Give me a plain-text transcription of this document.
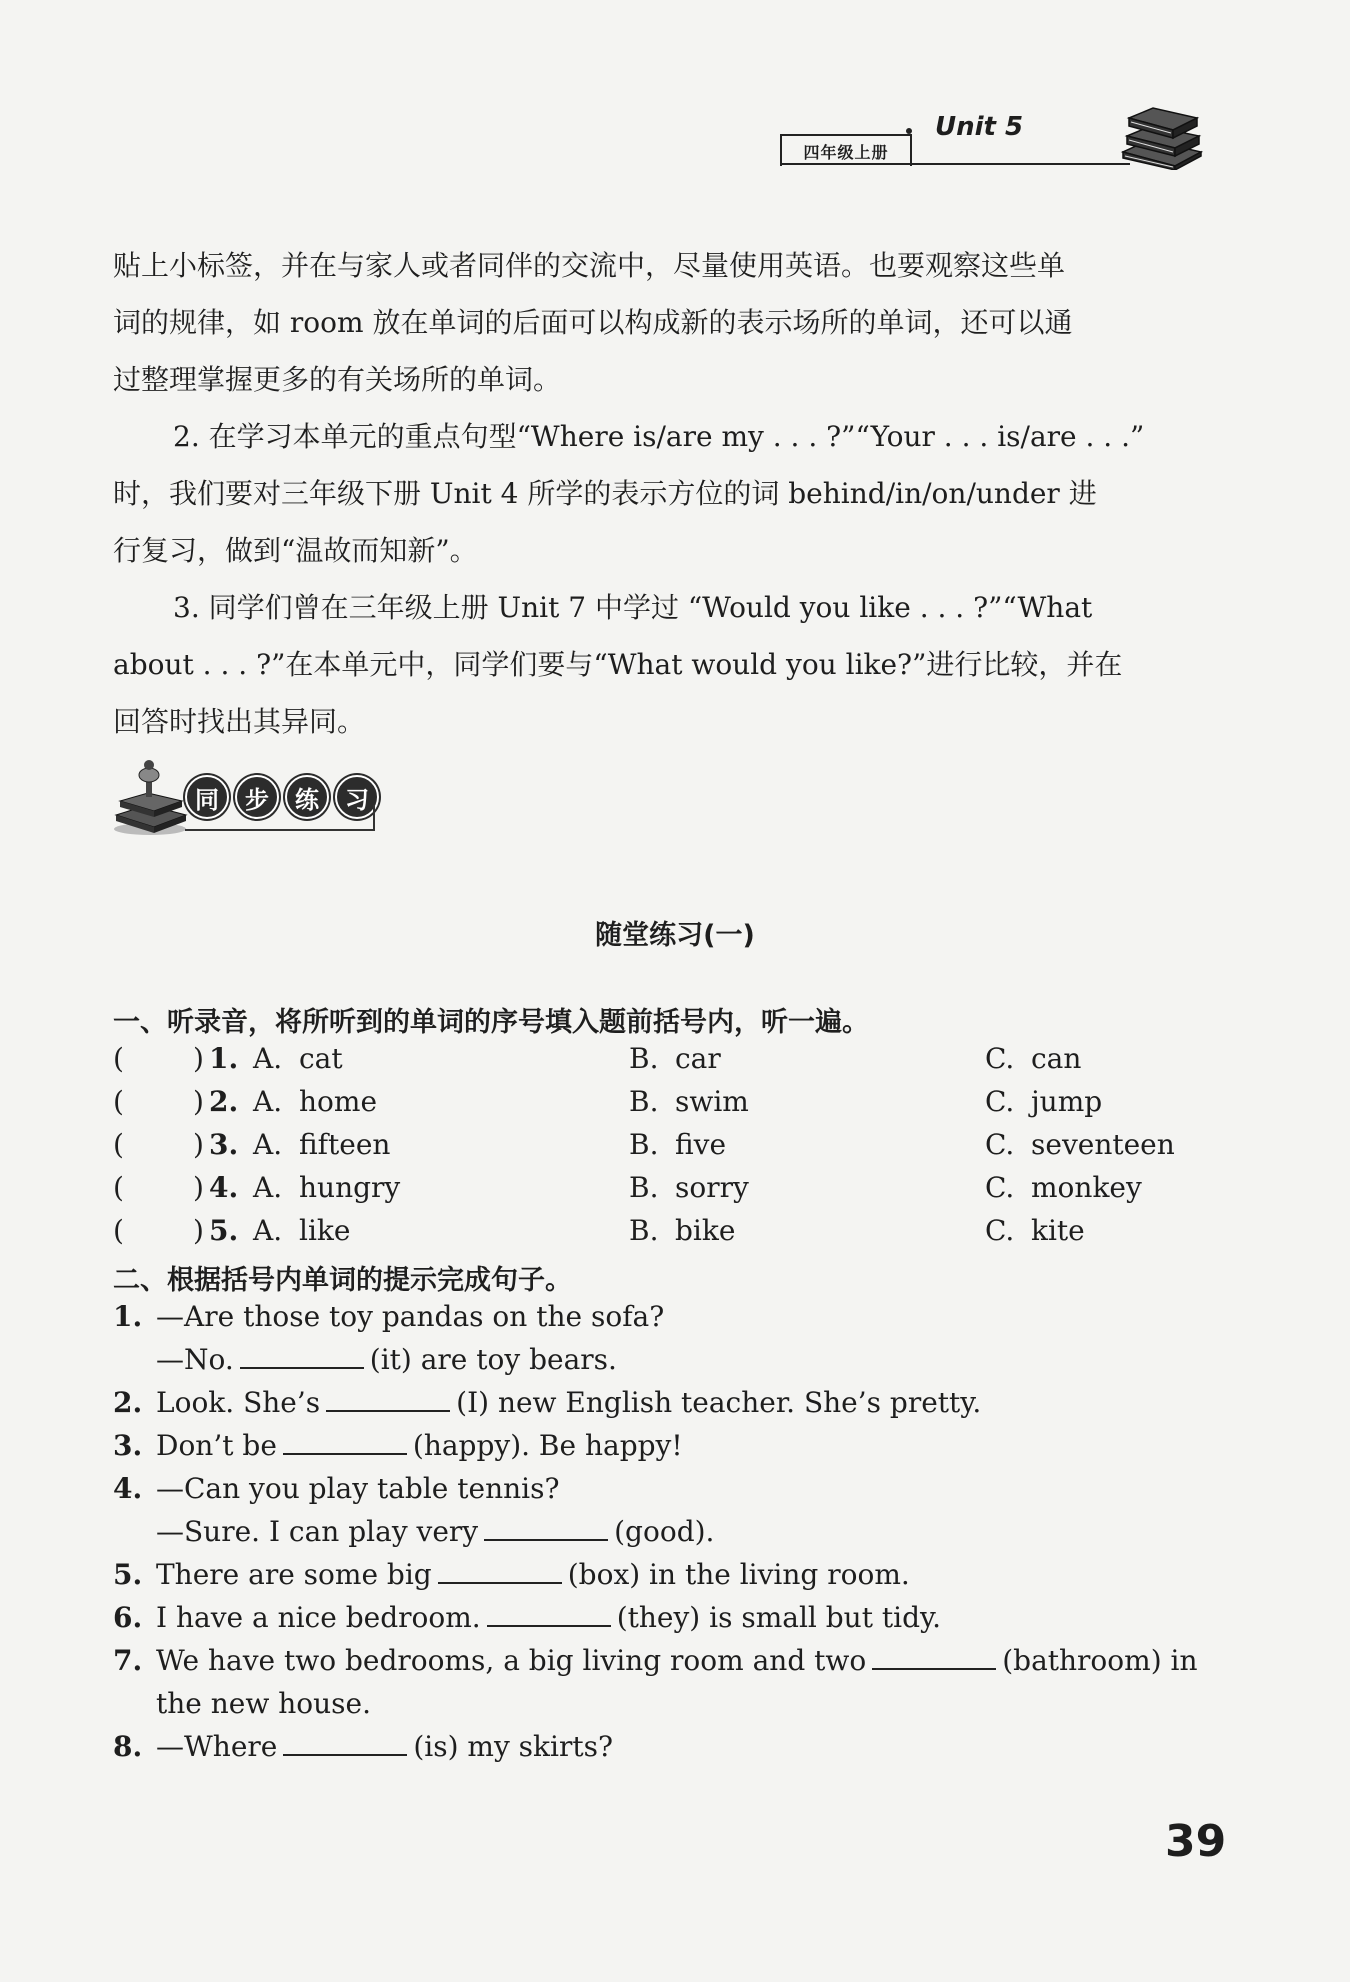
四年级上册
Unit 5

贴上小标签，并在与家人或者同伴的交流中，尽量使用英语。也要观察这些单

词的规律，如 room 放在单词的后面可以构成新的表示场所的单词，还可以通

过整理掌握更多的有关场所的单词。

2. 在学习本单元的重点句型“Where is/are my . . . ?”“Your . . . is/are . . .”

时，我们要对三年级下册 Unit 4 所学的表示方位的词 behind/in/on/under 进

行复习，做到“温故而知新”。

3. 同学们曾在三年级上册 Unit 7 中学过 “Would you like . . . ?”“What

about . . . ?”在本单元中，同学们要与“What would you like?”进行比较，并在

回答时找出其异同。

同	步	练	习
随堂练习(一)
一、听录音，将所听到的单词的序号填入题前括号内，听一遍。
( ) 1. A. cat	B. car	C. can
( ) 2. A. home	B. swim	C. jump
( ) 3. A. fifteen	B. five	C. seventeen
( ) 4. A. hungry	B. sorry	C. monkey
( ) 5. A. like	B. bike	C. kite
二、根据括号内单词的提示完成句子。
1. —Are those toy pandas on the sofa?
—No.	(it) are toy bears.
2. Look. She’s	(I) new English teacher. She’s pretty.
3. Don’t be	(happy). Be happy!
4. —Can you play table tennis?
—Sure. I can play very	(good).
5. There are some big	(box) in the living room.
6. I have a nice bedroom.	(they) is small but tidy.
7. We have two bedrooms, a big living room and two	(bathroom) in
the new house.
8. —Where	(is) my skirts?
39
